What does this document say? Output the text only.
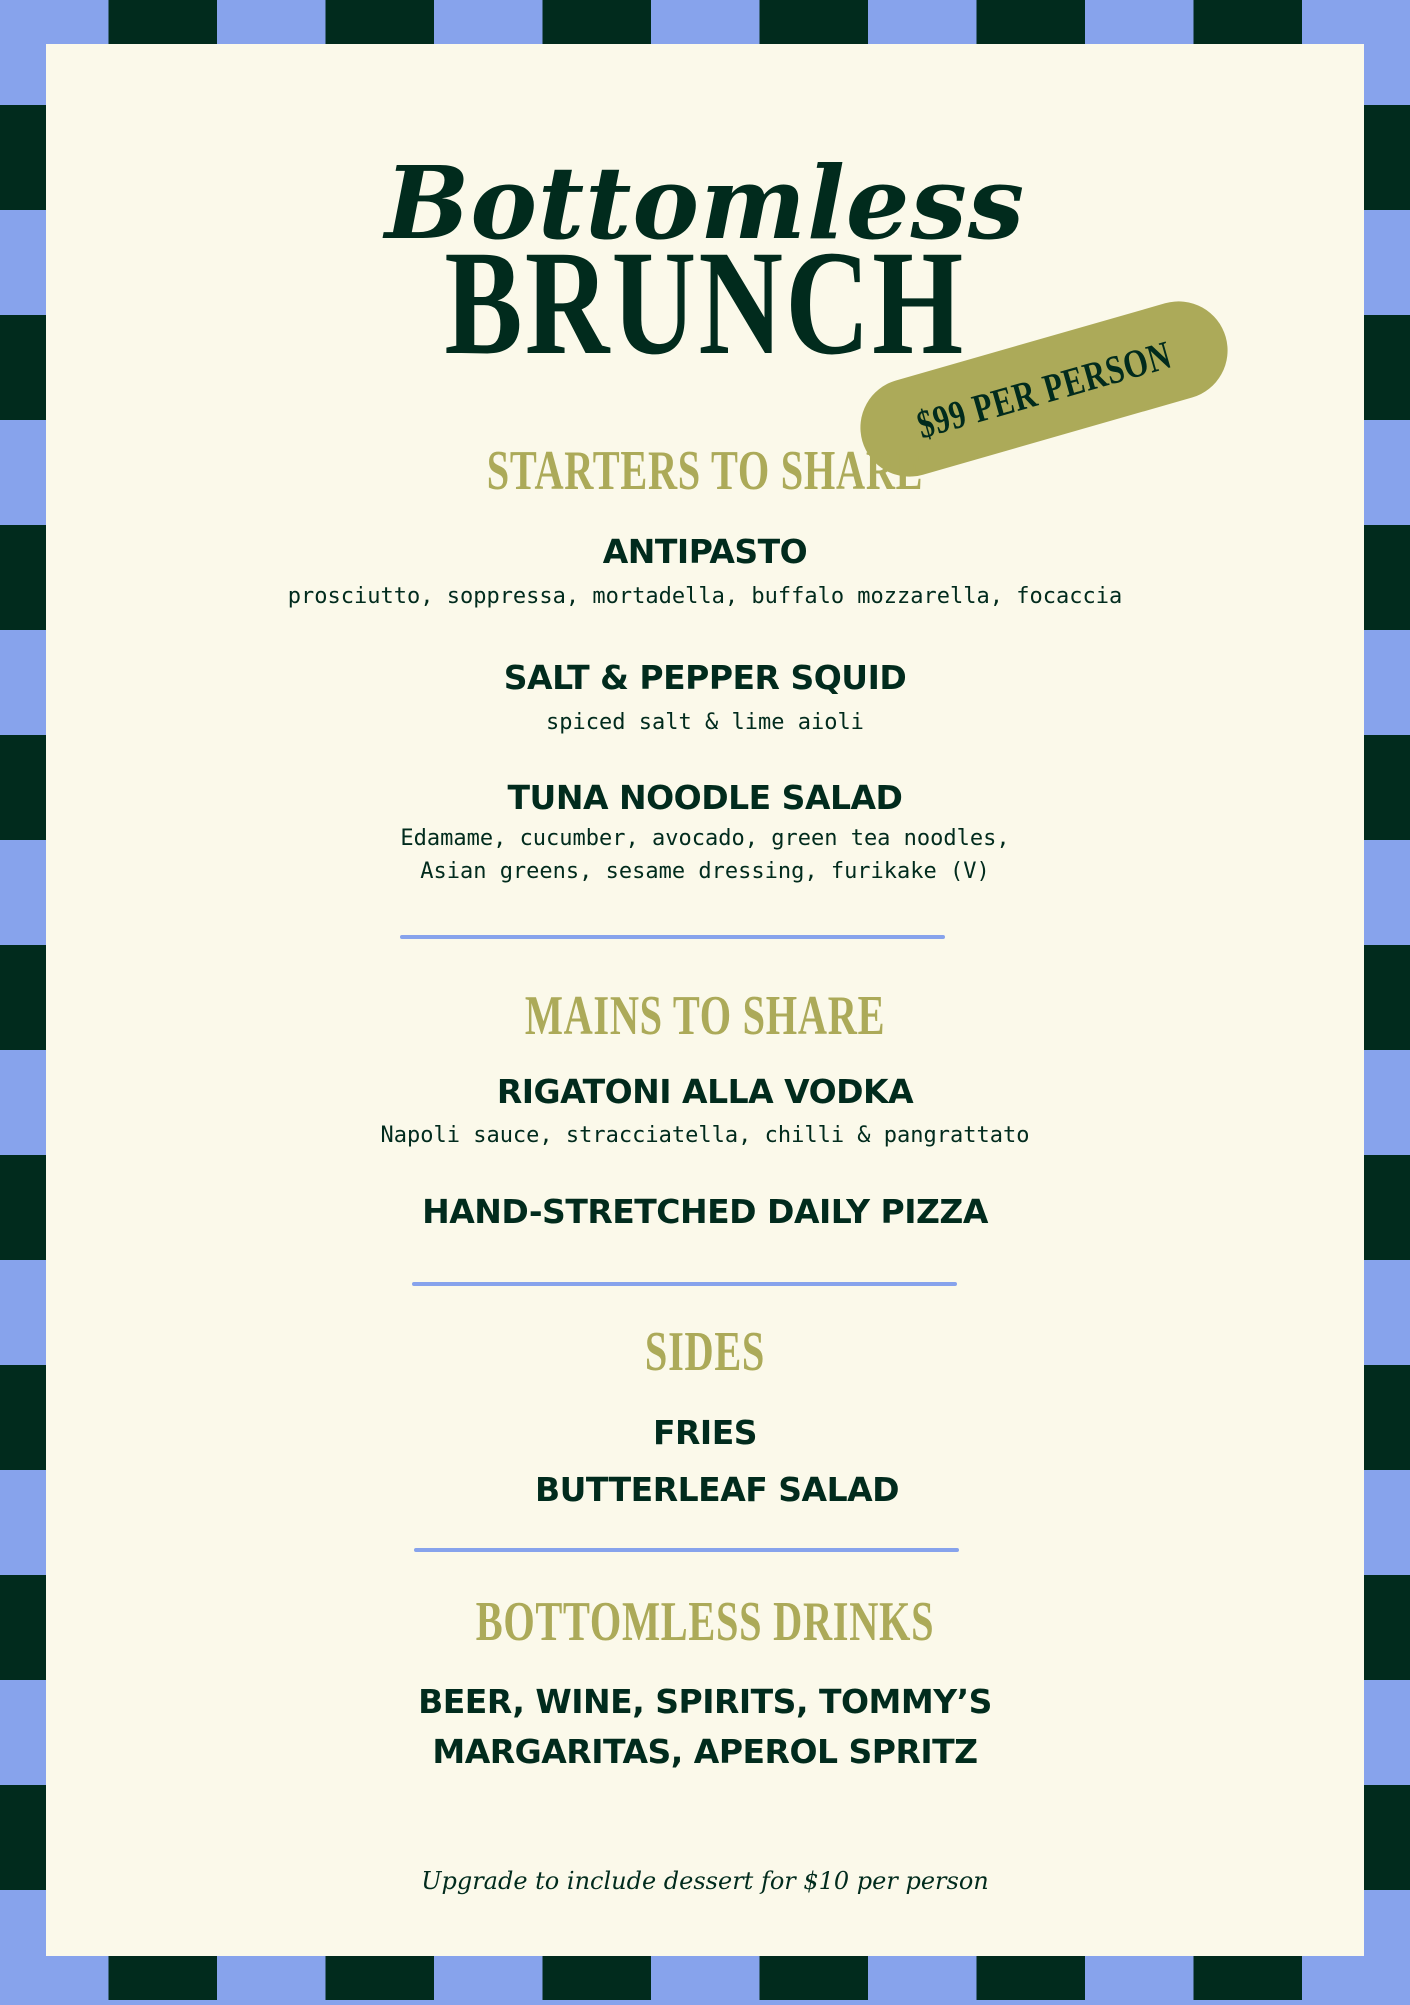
Bottomless

BRUNCH

$99 PER PERSON

STARTERS TO SHARE

ANTIPASTO

prosciutto, soppressa, mortadella, buffalo mozzarella, focaccia

SALT & PEPPER SQUID

spiced salt & lime aioli

TUNA NOODLE SALAD

Edamame, cucumber, avocado, green tea noodles,

Asian greens, sesame dressing, furikake (V)

MAINS TO SHARE

RIGATONI ALLA VODKA

Napoli sauce, stracciatella, chilli & pangrattato

HAND-STRETCHED DAILY PIZZA

SIDES

FRIES

BUTTERLEAF SALAD

BOTTOMLESS DRINKS

BEER, WINE, SPIRITS, TOMMY’S

MARGARITAS, APEROL SPRITZ

Upgrade to include dessert for $10 per person
